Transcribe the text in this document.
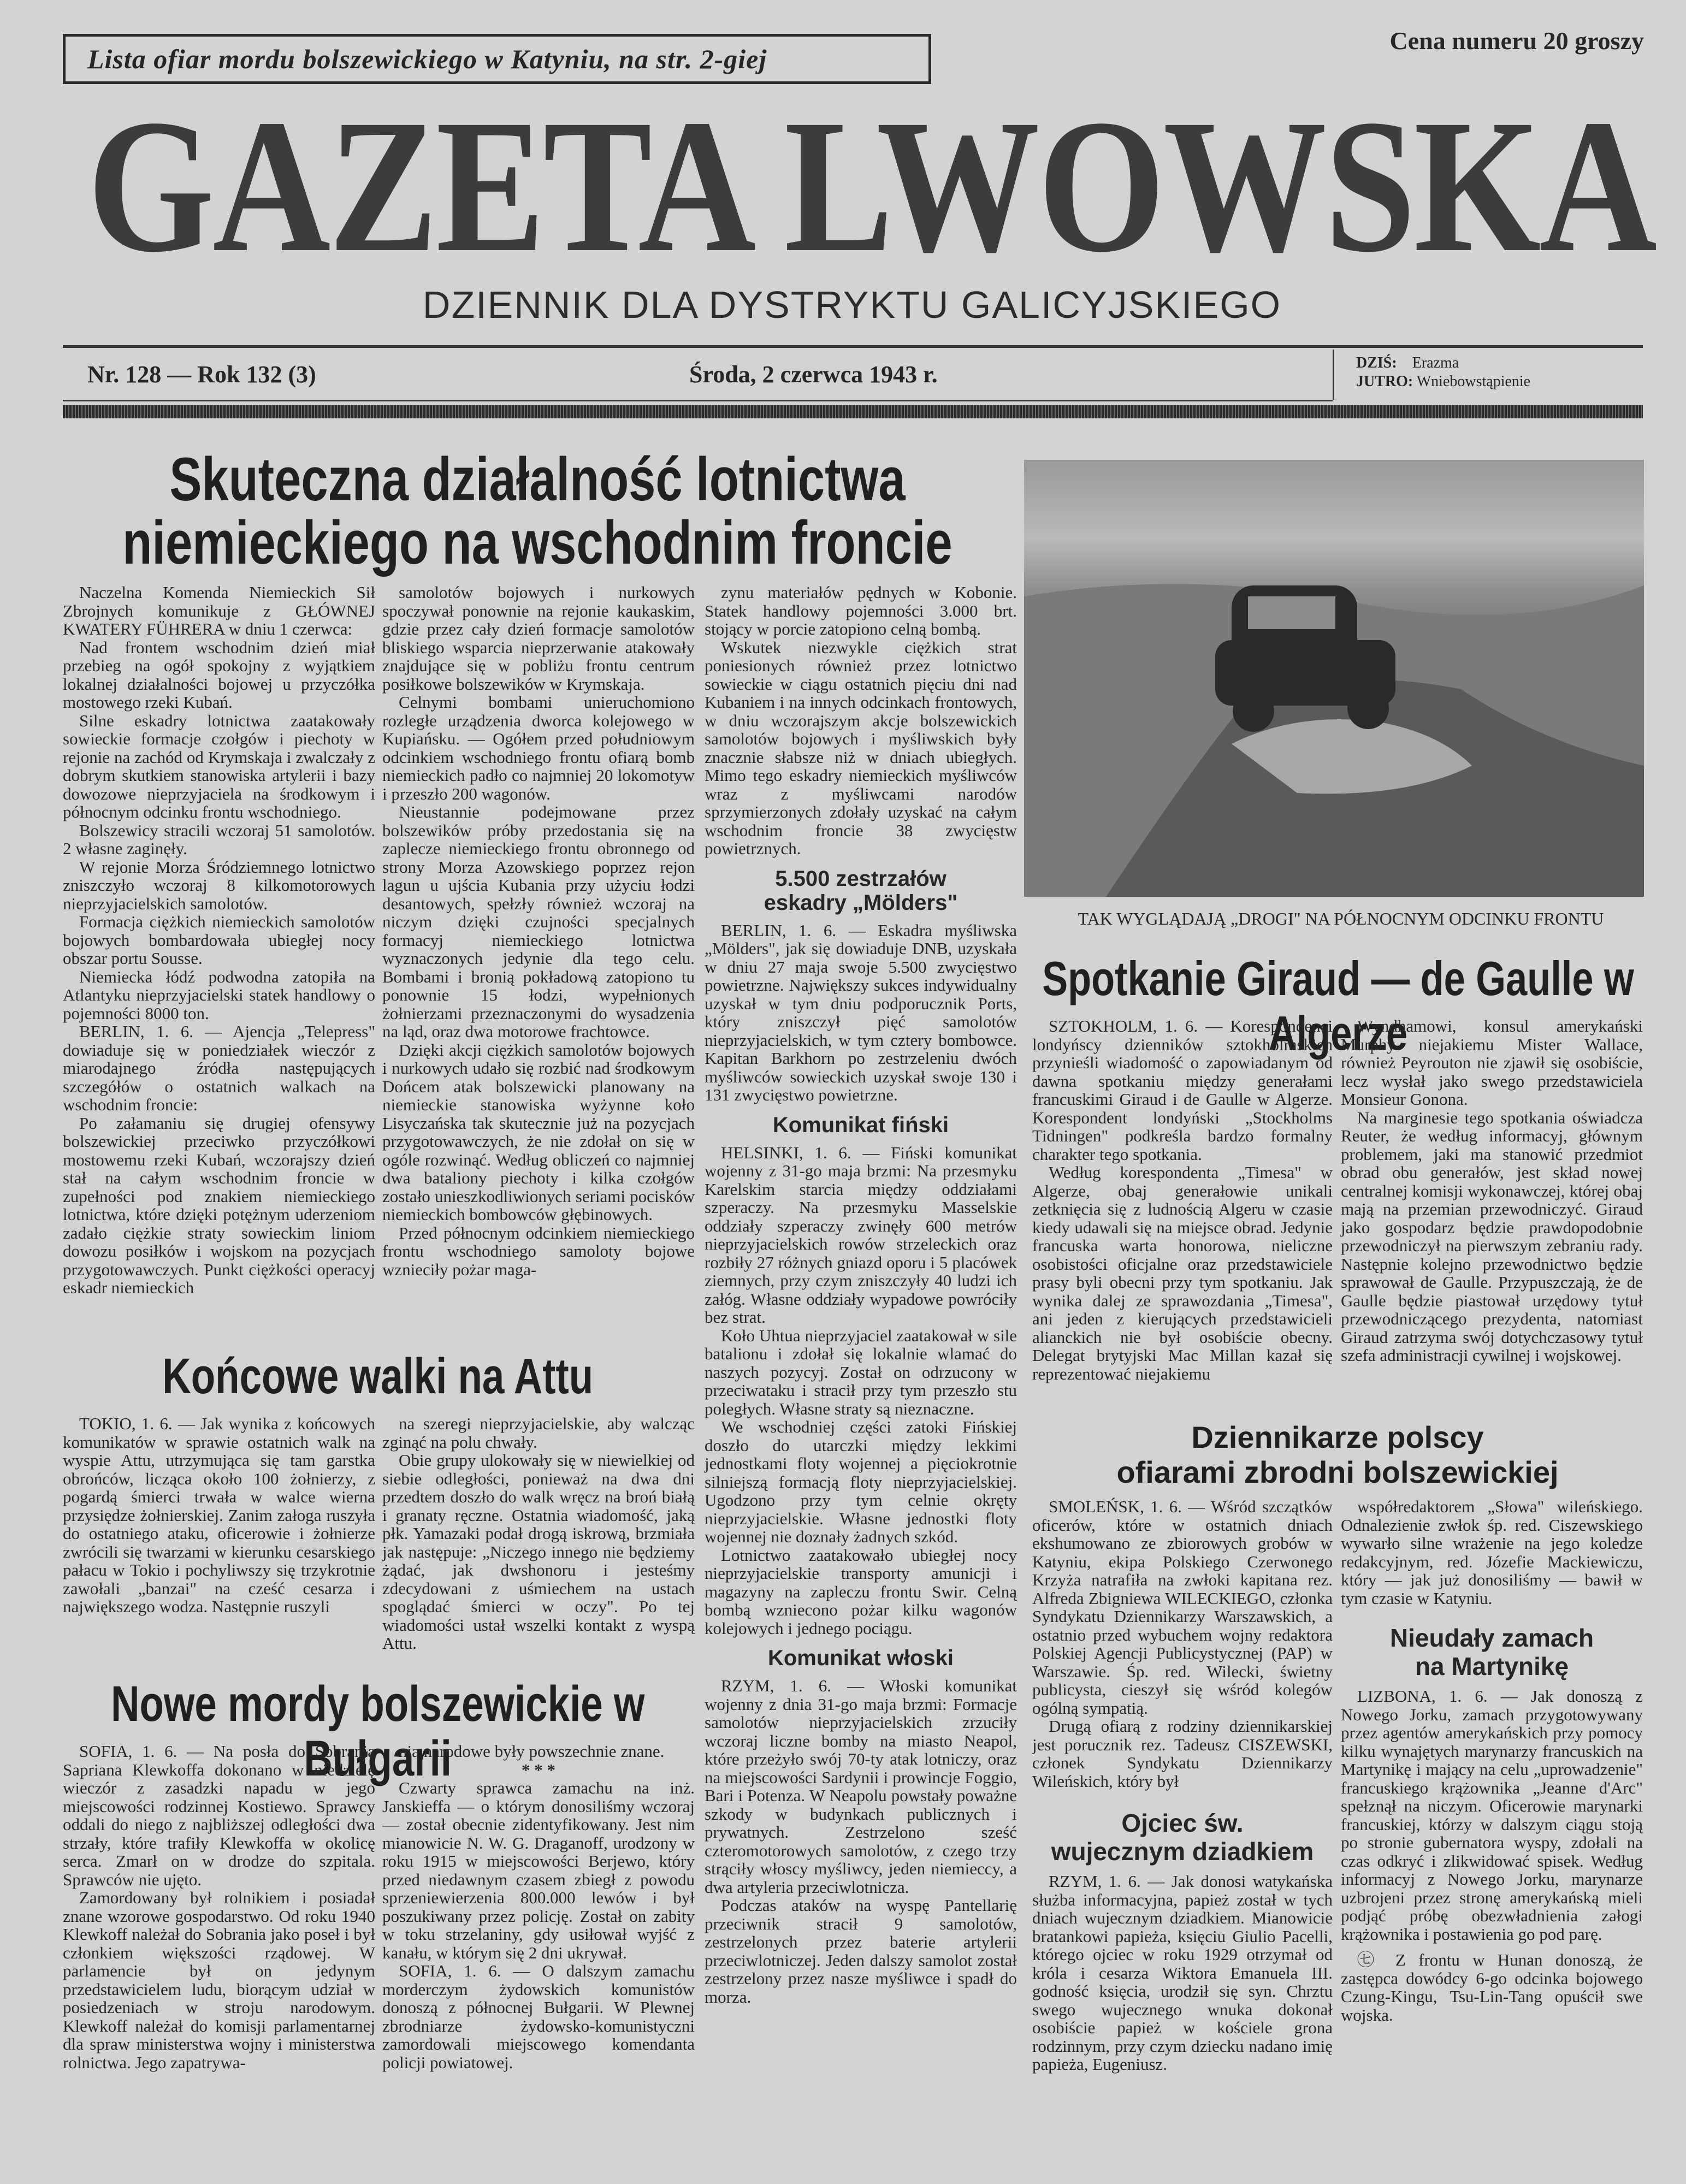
Lista ofiar mordu bolszewickiego w Katyniu, na str. 2-giej
Cena numeru 20 groszy
GAZETA LWOWSKA
DZIENNIK DLA DYSTRYKTU GALICYJSKIEGO
Nr. 128 — Rok 132 (3)	Środa, 2 czerwca 1943 r.	DZIŚ: Erazma
JUTRO: Wniebowstąpienie
Skuteczna działalność lotnictwa
niemieckiego na wschodnim froncie

Naczelna Komenda Niemieckich Sił Zbrojnych komunikuje z GŁÓWNEJ KWATERY FÜHRERA w dniu 1 czerwca:

Nad frontem wschodnim dzień miał przebieg na ogół spokojny z wyjątkiem lokalnej działalności bojowej u przyczółka mostowego rzeki Kubań.

Silne eskadry lotnictwa zaatakowały sowieckie formacje czołgów i piechoty w rejonie na zachód od Krymskaja i zwalczały z dobrym skutkiem stanowiska artylerii i bazy dowozowe nieprzyjaciela na środkowym i północnym odcinku frontu wschodniego.

Bolszewicy stracili wczoraj 51 samolotów. 2 własne zaginęły.

W rejonie Morza Śródziemnego lotnictwo zniszczyło wczoraj 8 kilkomotorowych nieprzyjacielskich samolotów.

Formacja ciężkich niemieckich samolotów bojowych bombardowała ubiegłej nocy obszar portu Sousse.

Niemiecka łódź podwodna zatopiła na Atlantyku nieprzyjacielski statek handlowy o pojemności 8000 ton.

BERLIN, 1. 6. — Ajencja „Telepress" dowiaduje się w poniedziałek wieczór z miarodajnego źródła następujących szczegółów o ostatnich walkach na wschodnim froncie:

Po załamaniu się drugiej ofensywy bolszewickiej przeciwko przyczółkowi mostowemu rzeki Kubań, wczorajszy dzień stał na całym wschodnim froncie w zupełności pod znakiem niemieckiego lotnictwa, które dzięki potężnym uderzeniom zadało ciężkie straty sowieckim liniom dowozu posiłków i wojskom na pozycjach przygotowawczych. Punkt ciężkości operacyj eskadr niemieckich

samolotów bojowych i nurkowych spoczywał ponownie na rejonie kaukaskim, gdzie przez cały dzień formacje samolotów bliskiego wsparcia nieprzerwanie atakowały znajdujące się w pobliżu frontu centrum posiłkowe bolszewików w Krymskaja.

Celnymi bombami unieruchomiono rozległe urządzenia dworca kolejowego w Kupiańsku. — Ogółem przed południowym odcinkiem wschodniego frontu ofiarą bomb niemieckich padło co najmniej 20 lokomotyw i przeszło 200 wagonów.

Nieustannie podejmowane przez bolszewików próby przedostania się na zaplecze niemieckiego frontu obronnego od strony Morza Azowskiego poprzez rejon lagun u ujścia Kubania przy użyciu łodzi desantowych, spełzły również wczoraj na niczym dzięki czujności specjalnych formacyj niemieckiego lotnictwa wyznaczonych jedynie dla tego celu. Bombami i bronią pokładową zatopiono tu ponownie 15 łodzi, wypełnionych żołnierzami przeznaczonymi do wysadzenia na ląd, oraz dwa motorowe frachtowce.

Dzięki akcji ciężkich samolotów bojowych i nurkowych udało się rozbić nad środkowym Dońcem atak bolszewicki planowany na niemieckie stanowiska wyżynne koło Lisyczańska tak skutecznie już na pozycjach przygotowawczych, że nie zdołał on się w ogóle rozwinąć. Według obliczeń co najmniej dwa bataliony piechoty i kilka czołgów zostało unieszkodliwionych seriami pocisków niemieckich bombowców głębinowych.

Przed północnym odcinkiem niemieckiego frontu wschodniego samoloty bojowe wznieciły pożar maga-

zynu materiałów pędnych w Kobonie. Statek handlowy pojemności 3.000 brt. stojący w porcie zatopiono celną bombą.

Wskutek niezwykle ciężkich strat poniesionych również przez lotnictwo sowieckie w ciągu ostatnich pięciu dni nad Kubaniem i na innych odcinkach frontowych, w dniu wczorajszym akcje bolszewickich samolotów bojowych i myśliwskich były znacznie słabsze niż w dniach ubiegłych. Mimo tego eskadry niemieckich myśliwców wraz z myśliwcami narodów sprzymierzonych zdołały uzyskać na całym wschodnim froncie 38 zwycięstw powietrznych.

5.500 zestrzałów
eskadry „Mölders"

BERLIN, 1. 6. — Eskadra myśliwska „Mölders", jak się dowiaduje DNB, uzyskała w dniu 27 maja swoje 5.500 zwycięstwo powietrzne. Największy sukces indywidualny uzyskał w tym dniu podporucznik Ports, który zniszczył pięć samolotów nieprzyjacielskich, w tym cztery bombowce. Kapitan Barkhorn po zestrzeleniu dwóch myśliwców sowieckich uzyskał swoje 130 i 131 zwycięstwo powietrzne.

Komunikat fiński

HELSINKI, 1. 6. — Fiński komunikat wojenny z 31-go maja brzmi: Na przesmyku Karelskim starcia między oddziałami szperaczy. Na przesmyku Masselskie oddziały szperaczy zwinęły 600 metrów nieprzyjacielskich rowów strzeleckich oraz rozbiły 27 różnych gniazd oporu i 5 placówek ziemnych, przy czym zniszczyły 40 ludzi ich załóg. Własne oddziały wypadowe powróciły bez strat.

Koło Uhtua nieprzyjaciel zaatakował w sile batalionu i zdołał się lokalnie wlamać do naszych pozycyj. Został on odrzucony w przeciwataku i stracił przy tym przeszło stu poległych. Własne straty są nieznaczne.

We wschodniej części zatoki Fińskiej doszło do utarczki między lekkimi jednostkami floty wojennej a pięciokrotnie silniejszą formacją floty nieprzyjacielskiej. Ugodzono przy tym celnie okręty nieprzyjacielskie. Własne jednostki floty wojennej nie doznały żadnych szkód.

Lotnictwo zaatakowało ubiegłej nocy nieprzyjacielskie transporty amunicji i magazyny na zapleczu frontu Swir. Celną bombą wzniecono pożar kilku wagonów kolejowych i jednego pociągu.

Komunikat włoski

RZYM, 1. 6. — Włoski komunikat wojenny z dnia 31-go maja brzmi: Formacje samolotów nieprzyjacielskich zrzuciły wczoraj liczne bomby na miasto Neapol, które przeżyło swój 70-ty atak lotniczy, oraz na miejscowości Sardynii i prowincje Foggio, Bari i Potenza. W Neapolu powstały poważne szkody w budynkach publicznych i prywatnych. Zestrzelono sześć czteromotorowych samolotów, z czego trzy strąciły włoscy myśliwcy, jeden niemieccy, a dwa artyleria przeciwlotnicza.

Podczas ataków na wyspę Pantellarię przeciwnik stracił 9 samolotów, zestrzelonych przez baterie artylerii przeciwlotniczej. Jeden dalszy samolot został zestrzelony przez nasze myśliwce i spadł do morza.

Końcowe walki na Attu

TOKIO, 1. 6. — Jak wynika z końcowych komunikatów w sprawie ostatnich walk na wyspie Attu, utrzymująca się tam garstka obrońców, licząca około 100 żołnierzy, z pogardą śmierci trwała w walce wierna przysiędze żołnierskiej. Zanim załoga ruszyła do ostatniego ataku, oficerowie i żołnierze zwrócili się twarzami w kierunku cesarskiego pałacu w Tokio i pochyliwszy się trzykrotnie zawołali „banzai" na cześć cesarza i największego wodza. Następnie ruszyli

na szeregi nieprzyjacielskie, aby walcząc zginąć na polu chwały.

Obie grupy ulokowały się w niewielkiej od siebie odległości, ponieważ na dwa dni przedtem doszło do walk wręcz na broń białą i granaty ręczne. Ostatnia wiadomość, jaką płk. Yamazaki podał drogą iskrową, brzmiała jak następuje: „Niczego innego nie będziemy żądać, jak dwshonoru i jesteśmy zdecydowani z uśmiechem na ustach spoglądać śmierci w oczy". Po tej wiadomości ustał wszelki kontakt z wyspą Attu.

Nowe mordy bolszewickie w Bułgarii

SOFIA, 1. 6. — Na posła do Sobrania Sapriana Klewkoffa dokonano w niedzielę wieczór z zasadzki napadu w jego miejscowości rodzinnej Kostiewo. Sprawcy oddali do niego z najbliższej odległości dwa strzały, które trafiły Klewkoffa w okolicę serca. Zmarł on w drodze do szpitala. Sprawców nie ujęto.

Zamordowany był rolnikiem i posiadał znane wzorowe gospodarstwo. Od roku 1940 Klewkoff należał do Sobrania jako poseł i był członkiem większości rządowej. W parlamencie był on jedynym przedstawicielem ludu, biorącym udział w posiedzeniach w stroju narodowym. Klewkoff należał do komisji parlamentarnej dla spraw ministerstwa wojny i ministerstwa rolnictwa. Jego zapatrywa-

nia narodowe były powszechnie znane.

* * *

Czwarty sprawca zamachu na inż. Janskieffa — o którym donosiliśmy wczoraj — został obecnie zidentyfikowany. Jest nim mianowicie N. W. G. Draganoff, urodzony w roku 1915 w miejscowości Berjewo, który przed niedawnym czasem zbiegł z powodu sprzeniewierzenia 800.000 lewów i był poszukiwany przez policję. Został on zabity w toku strzelaniny, gdy usiłował wyjść z kanału, w którym się 2 dni ukrywał.

SOFIA, 1. 6. — O dalszym zamachu morderczym żydowskich komunistów donoszą z północnej Bułgarii. W Plewnej zbrodniarze żydowsko-komunistyczni zamordowali miejscowego komendanta policji powiatowej.

TAK WYGLĄDAJĄ „DROGI" NA PÓŁNOCNYM ODCINKU FRONTU
Spotkanie Giraud — de Gaulle w Algerze

SZTOKHOLM, 1. 6. — Korespondenci londyńscy dzienników sztokholmskich przynieśli wiadomość o zapowiadanym od dawna spotkaniu między generałami francuskimi Giraud i de Gaulle w Algerze. Korespondent londyński „Stockholms Tidningen" podkreśla bardzo formalny charakter tego spotkania.

Według korespondenta „Timesa" w Algerze, obaj generałowie unikali zetknięcia się z ludnością Algeru w czasie kiedy udawali się na miejsce obrad. Jedynie francuska warta honorowa, nieliczne osobistości oficjalne oraz przedstawiciele prasy byli obecni przy tym spotkaniu. Jak wynika dalej ze sprawozdania „Timesa", ani jeden z kierujących przedstawicieli alianckich nie był osobiście obecny. Delegat brytyjski Mac Millan kazał się reprezentować niejakiemu

Wyndhamowi, konsul amerykański Murphy niejakiemu Mister Wallace, również Peyrouton nie zjawił się osobiście, lecz wysłał jako swego przedstawiciela Monsieur Gonona.

Na marginesie tego spotkania oświadcza Reuter, że według informacyj, głównym problemem, jaki ma stanowić przedmiot obrad obu generałów, jest skład nowej centralnej komisji wykonawczej, której obaj mają na przemian przewodniczyć. Giraud jako gospodarz będzie prawdopodobnie przewodniczył na pierwszym zebraniu rady. Następnie kolejno przewodnictwo będzie sprawował de Gaulle. Przypuszczają, że de Gaulle będzie piastował urzędowy tytuł przewodniczącego prezydenta, natomiast Giraud zatrzyma swój dotychczasowy tytuł szefa administracji cywilnej i wojskowej.

Dziennikarze polscy
ofiarami zbrodni bolszewickiej

SMOLEŃSK, 1. 6. — Wśród szczątków oficerów, które w ostatnich dniach ekshumowano ze zbiorowych grobów w Katyniu, ekipa Polskiego Czerwonego Krzyża natrafiła na zwłoki kapitana rez. Alfreda Zbigniewa WILECKIEGO, członka Syndykatu Dziennikarzy Warszawskich, a ostatnio przed wybuchem wojny redaktora Polskiej Agencji Publicystycznej (PAP) w Warszawie. Śp. red. Wilecki, świetny publicysta, cieszył się wśród kolegów ogólną sympatią.

Drugą ofiarą z rodziny dziennikarskiej jest porucznik rez. Tadeusz CISZEWSKI, członek Syndykatu Dziennikarzy Wileńskich, który był

Ojciec św.
wujecznym dziadkiem

RZYM, 1. 6. — Jak donosi watykańska służba informacyjna, papież został w tych dniach wujecznym dziadkiem. Mianowicie bratankowi papieża, księciu Giulio Pacelli, którego ojciec w roku 1929 otrzymał od króla i cesarza Wiktora Emanuela III. godność księcia, urodził się syn. Chrztu swego wujecznego wnuka dokonał osobiście papież w kościele grona rodzinnym, przy czym dziecku nadano imię papieża, Eugeniusz.

współredaktorem „Słowa" wileńskiego. Odnalezienie zwłok śp. red. Ciszewskiego wywarło silne wrażenie na jego koledze redakcyjnym, red. Józefie Mackiewiczu, który — jak już donosiliśmy — bawił w tym czasie w Katyniu.

Nieudały zamach
na Martynikę

LIZBONA, 1. 6. — Jak donoszą z Nowego Jorku, zamach przygotowywany przez agentów amerykańskich przy pomocy kilku wynajętych marynarzy francuskich na Martynikę i mający na celu „uprowadzenie" francuskiego krążownika „Jeanne d'Arc" spełznął na niczym. Oficerowie marynarki francuskiej, którzy w dalszym ciągu stoją po stronie gubernatora wyspy, zdołali na czas odkryć i zlikwidować spisek. Według informacyj z Nowego Jorku, marynarze uzbrojeni przez stronę amerykańską mieli podjąć próbę obezwładnienia załogi krążownika i postawienia go pod parę.

㊆ Z frontu w Hunan donoszą, że zastępca dowódcy 6-go odcinka bojowego Czung-Kingu, Tsu-Lin-Tang opuścił swe wojska.
